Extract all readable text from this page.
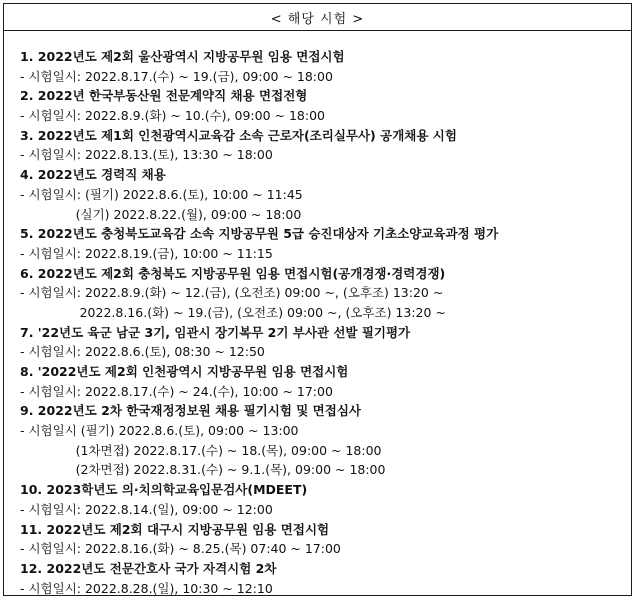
< 해당 시험 >
1. 2022년도 제2회 울산광역시 지방공무원 임용 면접시험
- 시험일시: 2022.8.17.(수) ~ 19.(금), 09:00 ~ 18:00
2. 2022년 한국부동산원 전문계약직 채용 면접전형
- 시험일시: 2022.8.9.(화) ~ 10.(수), 09:00 ~ 18:00
3. 2022년도 제1회 인천광역시교육감 소속 근로자(조리실무사) 공개채용 시험
- 시험일시: 2022.8.13.(토), 13:30 ~ 18:00
4. 2022년도 경력직 채용
- 시험일시: (필기) 2022.8.6.(토), 10:00 ~ 11:45
(실기) 2022.8.22.(월), 09:00 ~ 18:00
5. 2022년도 충청북도교육감 소속 지방공무원 5급 승진대상자 기초소양교육과정 평가
- 시험일시: 2022.8.19.(금), 10:00 ~ 11:15
6. 2022년도 제2회 충청북도 지방공무원 임용 면접시험(공개경쟁·경력경쟁)
- 시험일시: 2022.8.9.(화) ~ 12.(금), (오전조) 09:00 ~, (오후조) 13:20 ~
2022.8.16.(화) ~ 19.(금), (오전조) 09:00 ~, (오후조) 13:20 ~
7. '22년도 육군 남군 3기, 임관시 장기복무 2기 부사관 선발 필기평가
- 시험일시: 2022.8.6.(토), 08:30 ~ 12:50
8. '2022년도 제2회 인천광역시 지방공무원 임용 면접시험
- 시험일시: 2022.8.17.(수) ~ 24.(수), 10:00 ~ 17:00
9. 2022년도 2차 한국재정정보원 채용 필기시험 및 면접심사
- 시험일시 (필기) 2022.8.6.(토), 09:00 ~ 13:00
(1차면접) 2022.8.17.(수) ~ 18.(목), 09:00 ~ 18:00
(2차면접) 2022.8.31.(수) ~ 9.1.(목), 09:00 ~ 18:00
10. 2023학년도 의·치의학교육입문검사(MDEET)
- 시험일시: 2022.8.14.(일), 09:00 ~ 12:00
11. 2022년도 제2회 대구시 지방공무원 임용 면접시험
- 시험일시: 2022.8.16.(화) ~ 8.25.(목) 07:40 ~ 17:00
12. 2022년도 전문간호사 국가 자격시험 2차
- 시험일시: 2022.8.28.(일), 10:30 ~ 12:10
